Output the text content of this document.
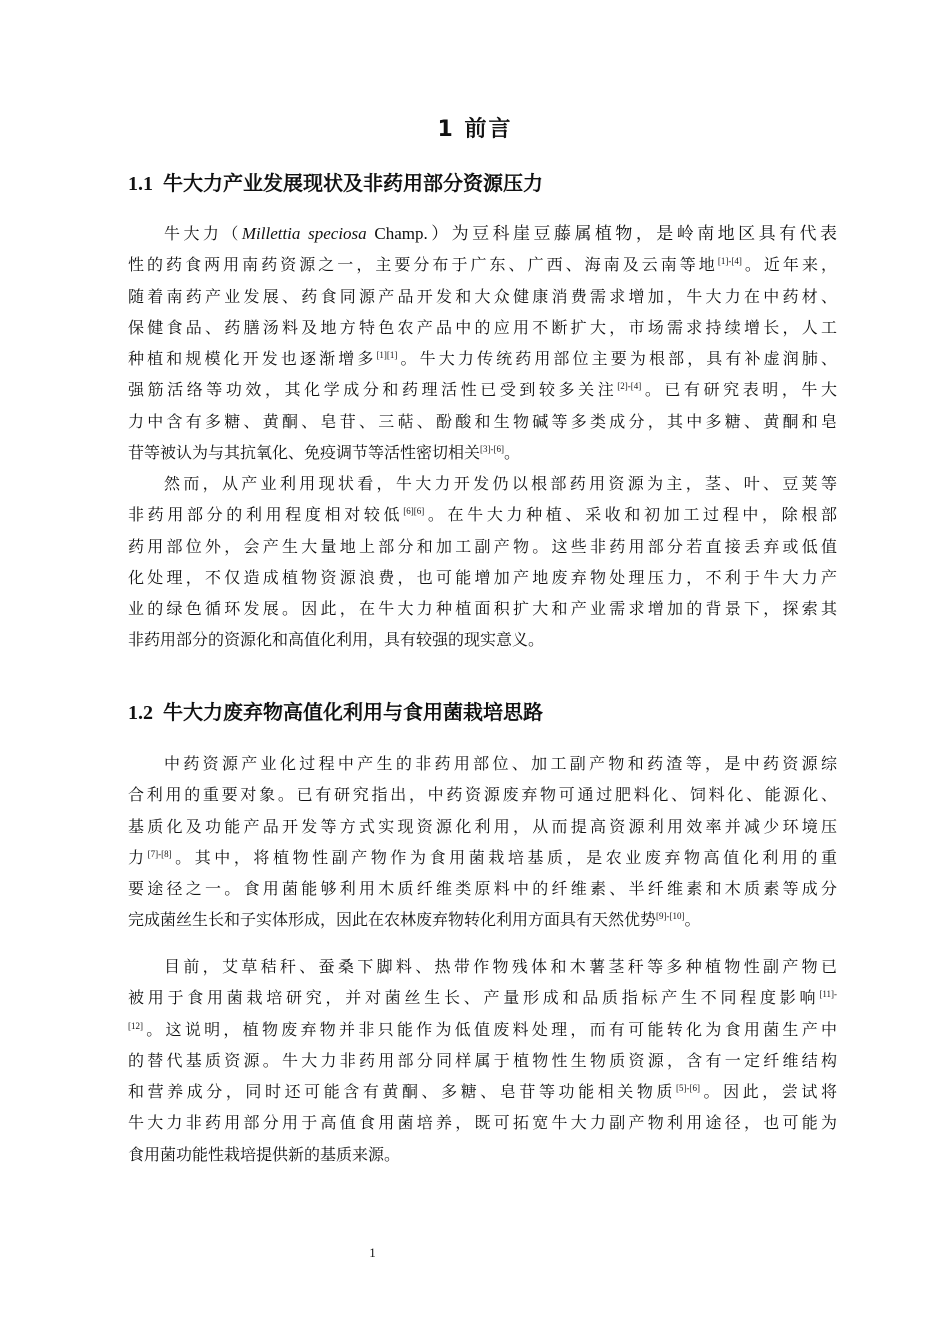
1 前言
1.1 牛大力产业发展现状及非药用部分资源压力
牛大力（Millettia speciosa Champ.）为豆科崖豆藤属植物，是岭南地区具有代表
性的药食两用南药资源之一，主要分布于广东、广西、海南及云南等地[1]-[4]。近年来，
随着南药产业发展、药食同源产品开发和大众健康消费需求增加，牛大力在中药材、
保健食品、药膳汤料及地方特色农产品中的应用不断扩大，市场需求持续增长，人工
种植和规模化开发也逐渐增多[1][1]。牛大力传统药用部位主要为根部，具有补虚润肺、
强筋活络等功效，其化学成分和药理活性已受到较多关注[2]-[4]。已有研究表明，牛大
力中含有多糖、黄酮、皂苷、三萜、酚酸和生物碱等多类成分，其中多糖、黄酮和皂
苷等被认为与其抗氧化、免疫调节等活性密切相关[3]-[6]。
然而，从产业利用现状看，牛大力开发仍以根部药用资源为主，茎、叶、豆荚等
非药用部分的利用程度相对较低[6][6]。在牛大力种植、采收和初加工过程中，除根部
药用部位外，会产生大量地上部分和加工副产物。这些非药用部分若直接丢弃或低值
化处理，不仅造成植物资源浪费，也可能增加产地废弃物处理压力，不利于牛大力产
业的绿色循环发展。因此，在牛大力种植面积扩大和产业需求增加的背景下，探索其
非药用部分的资源化和高值化利用，具有较强的现实意义。
1.2 牛大力废弃物高值化利用与食用菌栽培思路
中药资源产业化过程中产生的非药用部位、加工副产物和药渣等，是中药资源综
合利用的重要对象。已有研究指出，中药资源废弃物可通过肥料化、饲料化、能源化、
基质化及功能产品开发等方式实现资源化利用，从而提高资源利用效率并减少环境压
力[7]-[8]。其中，将植物性副产物作为食用菌栽培基质，是农业废弃物高值化利用的重
要途径之一。食用菌能够利用木质纤维类原料中的纤维素、半纤维素和木质素等成分
完成菌丝生长和子实体形成，因此在农林废弃物转化利用方面具有天然优势[9]-[10]。
目前，艾草秸秆、蚕桑下脚料、热带作物残体和木薯茎秆等多种植物性副产物已
被用于食用菌栽培研究，并对菌丝生长、产量形成和品质指标产生不同程度影响$^{[11]-}$
[12]。这说明，植物废弃物并非只能作为低值废料处理，而有可能转化为食用菌生产中
的替代基质资源。牛大力非药用部分同样属于植物性生物质资源，含有一定纤维结构
和营养成分，同时还可能含有黄酮、多糖、皂苷等功能相关物质[5]-[6]。因此，尝试将
牛大力非药用部分用于高值食用菌培养，既可拓宽牛大力副产物利用途径，也可能为
食用菌功能性栽培提供新的基质来源。
1
